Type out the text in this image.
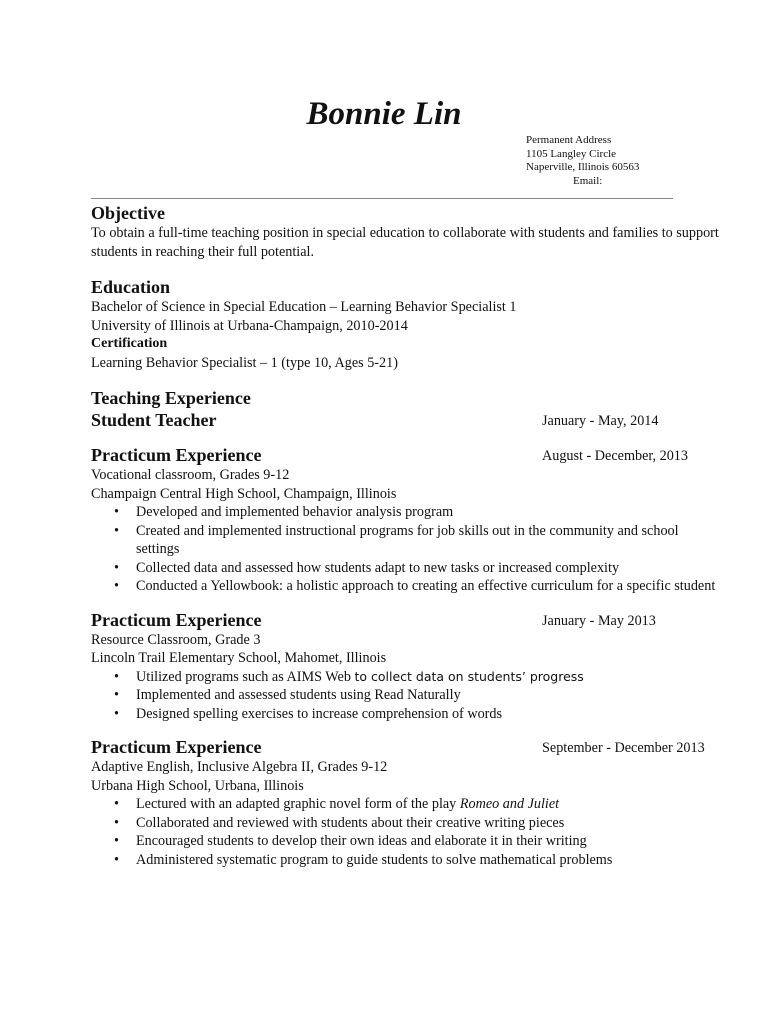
Bonnie Lin
Permanent Address
1105 Langley Circle
Naperville, Illinois 60563
Email:
Objective
To obtain a full-time teaching position in special education to collaborate with students and families to support students in reaching their full potential.
Education
Bachelor of Science in Special Education – Learning Behavior Specialist 1
University of Illinois at Urbana-Champaign, 2010-2014
Certification
Learning Behavior Specialist – 1 (type 10, Ages 5-21)
Teaching Experience
Student Teacher	January - May, 2014
Practicum Experience	August - December, 2013
Vocational classroom, Grades 9-12
Champaign Central High School, Champaign, Illinois
• Developed and implemented behavior analysis program
• Created and implemented instructional programs for job skills out in the community and school settings
• Collected data and assessed how students adapt to new tasks or increased complexity
• Conducted a Yellowbook: a holistic approach to creating an effective curriculum for a specific student
Practicum Experience	January - May 2013
Resource Classroom, Grade 3
Lincoln Trail Elementary School, Mahomet, Illinois
• Utilized programs such as AIMS Web to collect data on students’ progress
• Implemented and assessed students using Read Naturally
• Designed spelling exercises to increase comprehension of words
Practicum Experience	September - December 2013
Adaptive English, Inclusive Algebra II, Grades 9-12
Urbana High School, Urbana, Illinois
• Lectured with an adapted graphic novel form of the play Romeo and Juliet
• Collaborated and reviewed with students about their creative writing pieces
• Encouraged students to develop their own ideas and elaborate it in their writing
• Administered systematic program to guide students to solve mathematical problems
